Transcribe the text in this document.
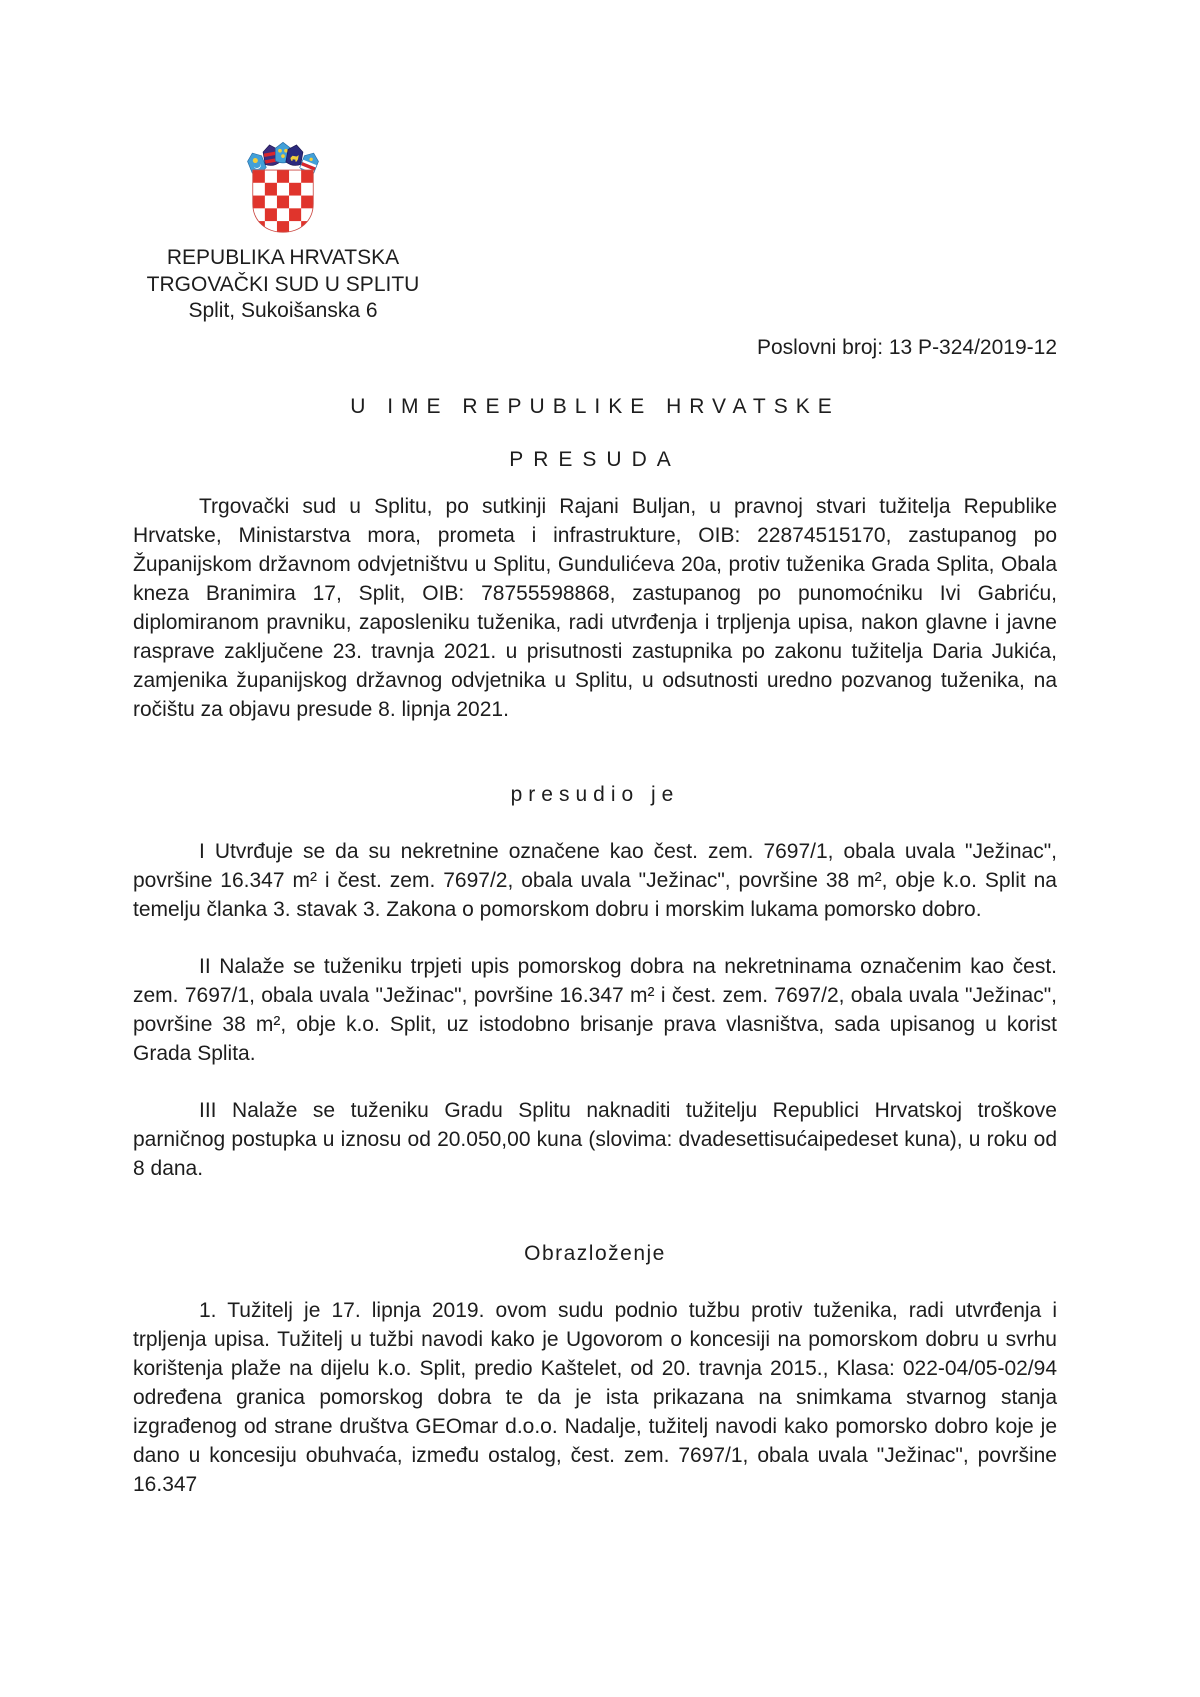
REPUBLIKA HRVATSKA
TRGOVAČKI SUD U SPLITU
Split, Sukoišanska 6
Poslovni broj: 13 P-324/2019-12
U IME REPUBLIKE HRVATSKE
PRESUDA

Trgovački sud u Splitu, po sutkinji Rajani Buljan, u pravnoj stvari tužitelja Republike Hrvatske, Ministarstva mora, prometa i infrastrukture, OIB: 22874515170, zastupanog po Županijskom državnom odvjetništvu u Splitu, Gundulićeva 20a, protiv tuženika Grada Splita, Obala kneza Branimira 17, Split, OIB: 78755598868, zastupanog po punomoćniku Ivi Gabriću, diplomiranom pravniku, zaposleniku tuženika, radi utvrđenja i trpljenja upisa, nakon glavne i javne rasprave zaključene 23. travnja 2021. u prisutnosti zastupnika po zakonu tužitelja Daria Jukića, zamjenika županijskog državnog odvjetnika u Splitu, u odsutnosti uredno pozvanog tuženika, na ročištu za objavu presude 8. lipnja 2021.

presudio je

I Utvrđuje se da su nekretnine označene kao čest. zem. 7697/1, obala uvala "Ježinac", površine 16.347 m² i čest. zem. 7697/2, obala uvala "Ježinac", površine 38 m², obje k.o. Split na temelju članka 3. stavak 3. Zakona o pomorskom dobru i morskim lukama pomorsko dobro.

II Nalaže se tuženiku trpjeti upis pomorskog dobra na nekretninama označenim kao čest. zem. 7697/1, obala uvala "Ježinac", površine 16.347 m² i čest. zem. 7697/2, obala uvala "Ježinac", površine 38 m², obje k.o. Split, uz istodobno brisanje prava vlasništva, sada upisanog u korist Grada Splita.

III Nalaže se tuženiku Gradu Splitu naknaditi tužitelju Republici Hrvatskoj troškove parničnog postupka u iznosu od 20.050,00 kuna (slovima: dvadesettisućaipedeset kuna), u roku od 8 dana.

Obrazloženje

1. Tužitelj je 17. lipnja 2019. ovom sudu podnio tužbu protiv tuženika, radi utvrđenja i trpljenja upisa. Tužitelj u tužbi navodi kako je Ugovorom o koncesiji na pomorskom dobru u svrhu korištenja plaže na dijelu k.o. Split, predio Kaštelet, od 20. travnja 2015., Klasa: 022-04/05-02/94 određena granica pomorskog dobra te da je ista prikazana na snimkama stvarnog stanja izgrađenog od strane društva GEOmar d.o.o. Nadalje, tužitelj navodi kako pomorsko dobro koje je dano u koncesiju obuhvaća, između ostalog, čest. zem. 7697/1, obala uvala "Ježinac", površine 16.347
